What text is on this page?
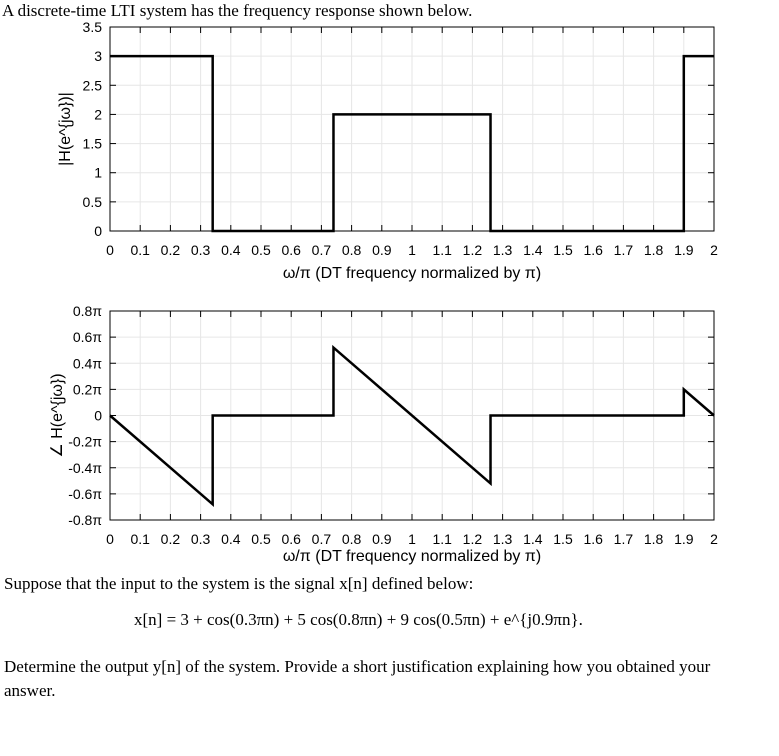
A discrete-time LTI system has the frequency response shown below.
0 0.1 0.2 0.3 0.4 0.5 0.6 0.7 0.8 0.9 1 1.1 1.2 1.3 1.4 1.5 1.6 1.7 1.8 1.9 2
0
0.5
1
1.5
2
2.5
3
3.5
ω/π (DT frequency normalized by π)
|H(e^{jω})|
0 0.1 0.2 0.3 0.4 0.5 0.6 0.7 0.8 0.9 1 1.1 1.2 1.3 1.4 1.5 1.6 1.7 1.8 1.9 2
-0.8π
-0.6π
-0.4π
-0.2π
0
0.2π
0.4π
0.6π
0.8π
ω/π (DT frequency normalized by π)
∠ H(e^{jω})
Suppose that the input to the system is the signal x[n] defined below:
x[n] = 3 + cos(0.3πn) + 5 cos(0.8πn) + 9 cos(0.5πn) + e^{j0.9πn}.
Determine the output y[n] of the system. Provide a short justification explaining how you obtained your
answer.
